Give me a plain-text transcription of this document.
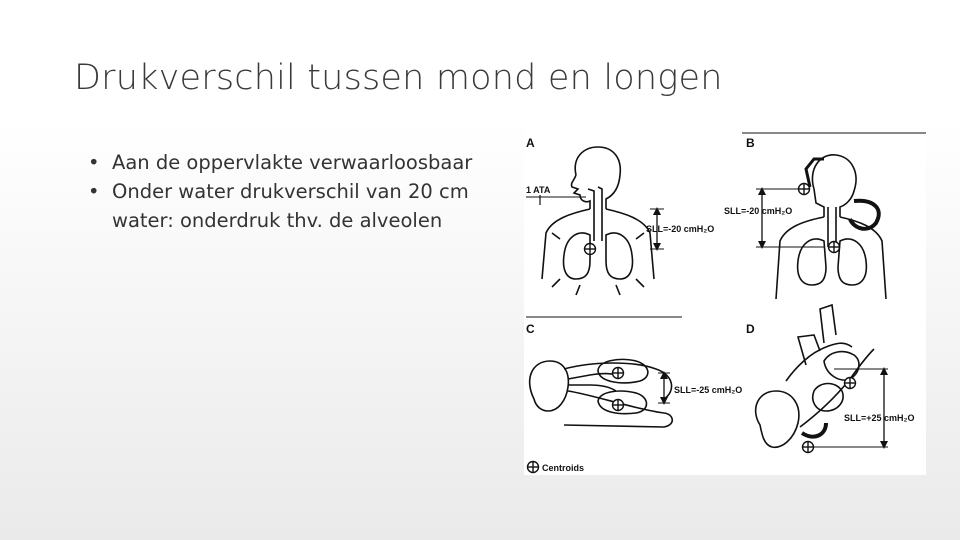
Drukverschil tussen mond en longen
• Aan de oppervlakte verwaarloosbaar
• Onder water drukverschil van 20 cm water: onderdruk thv. de alveolen
A	B
C	D
1 ATA
SLL=-20 cmH₂O
SLL=-20 cmH₂O
SLL=-25 cmH₂O
SLL=+25 cmH₂O
Centroids
